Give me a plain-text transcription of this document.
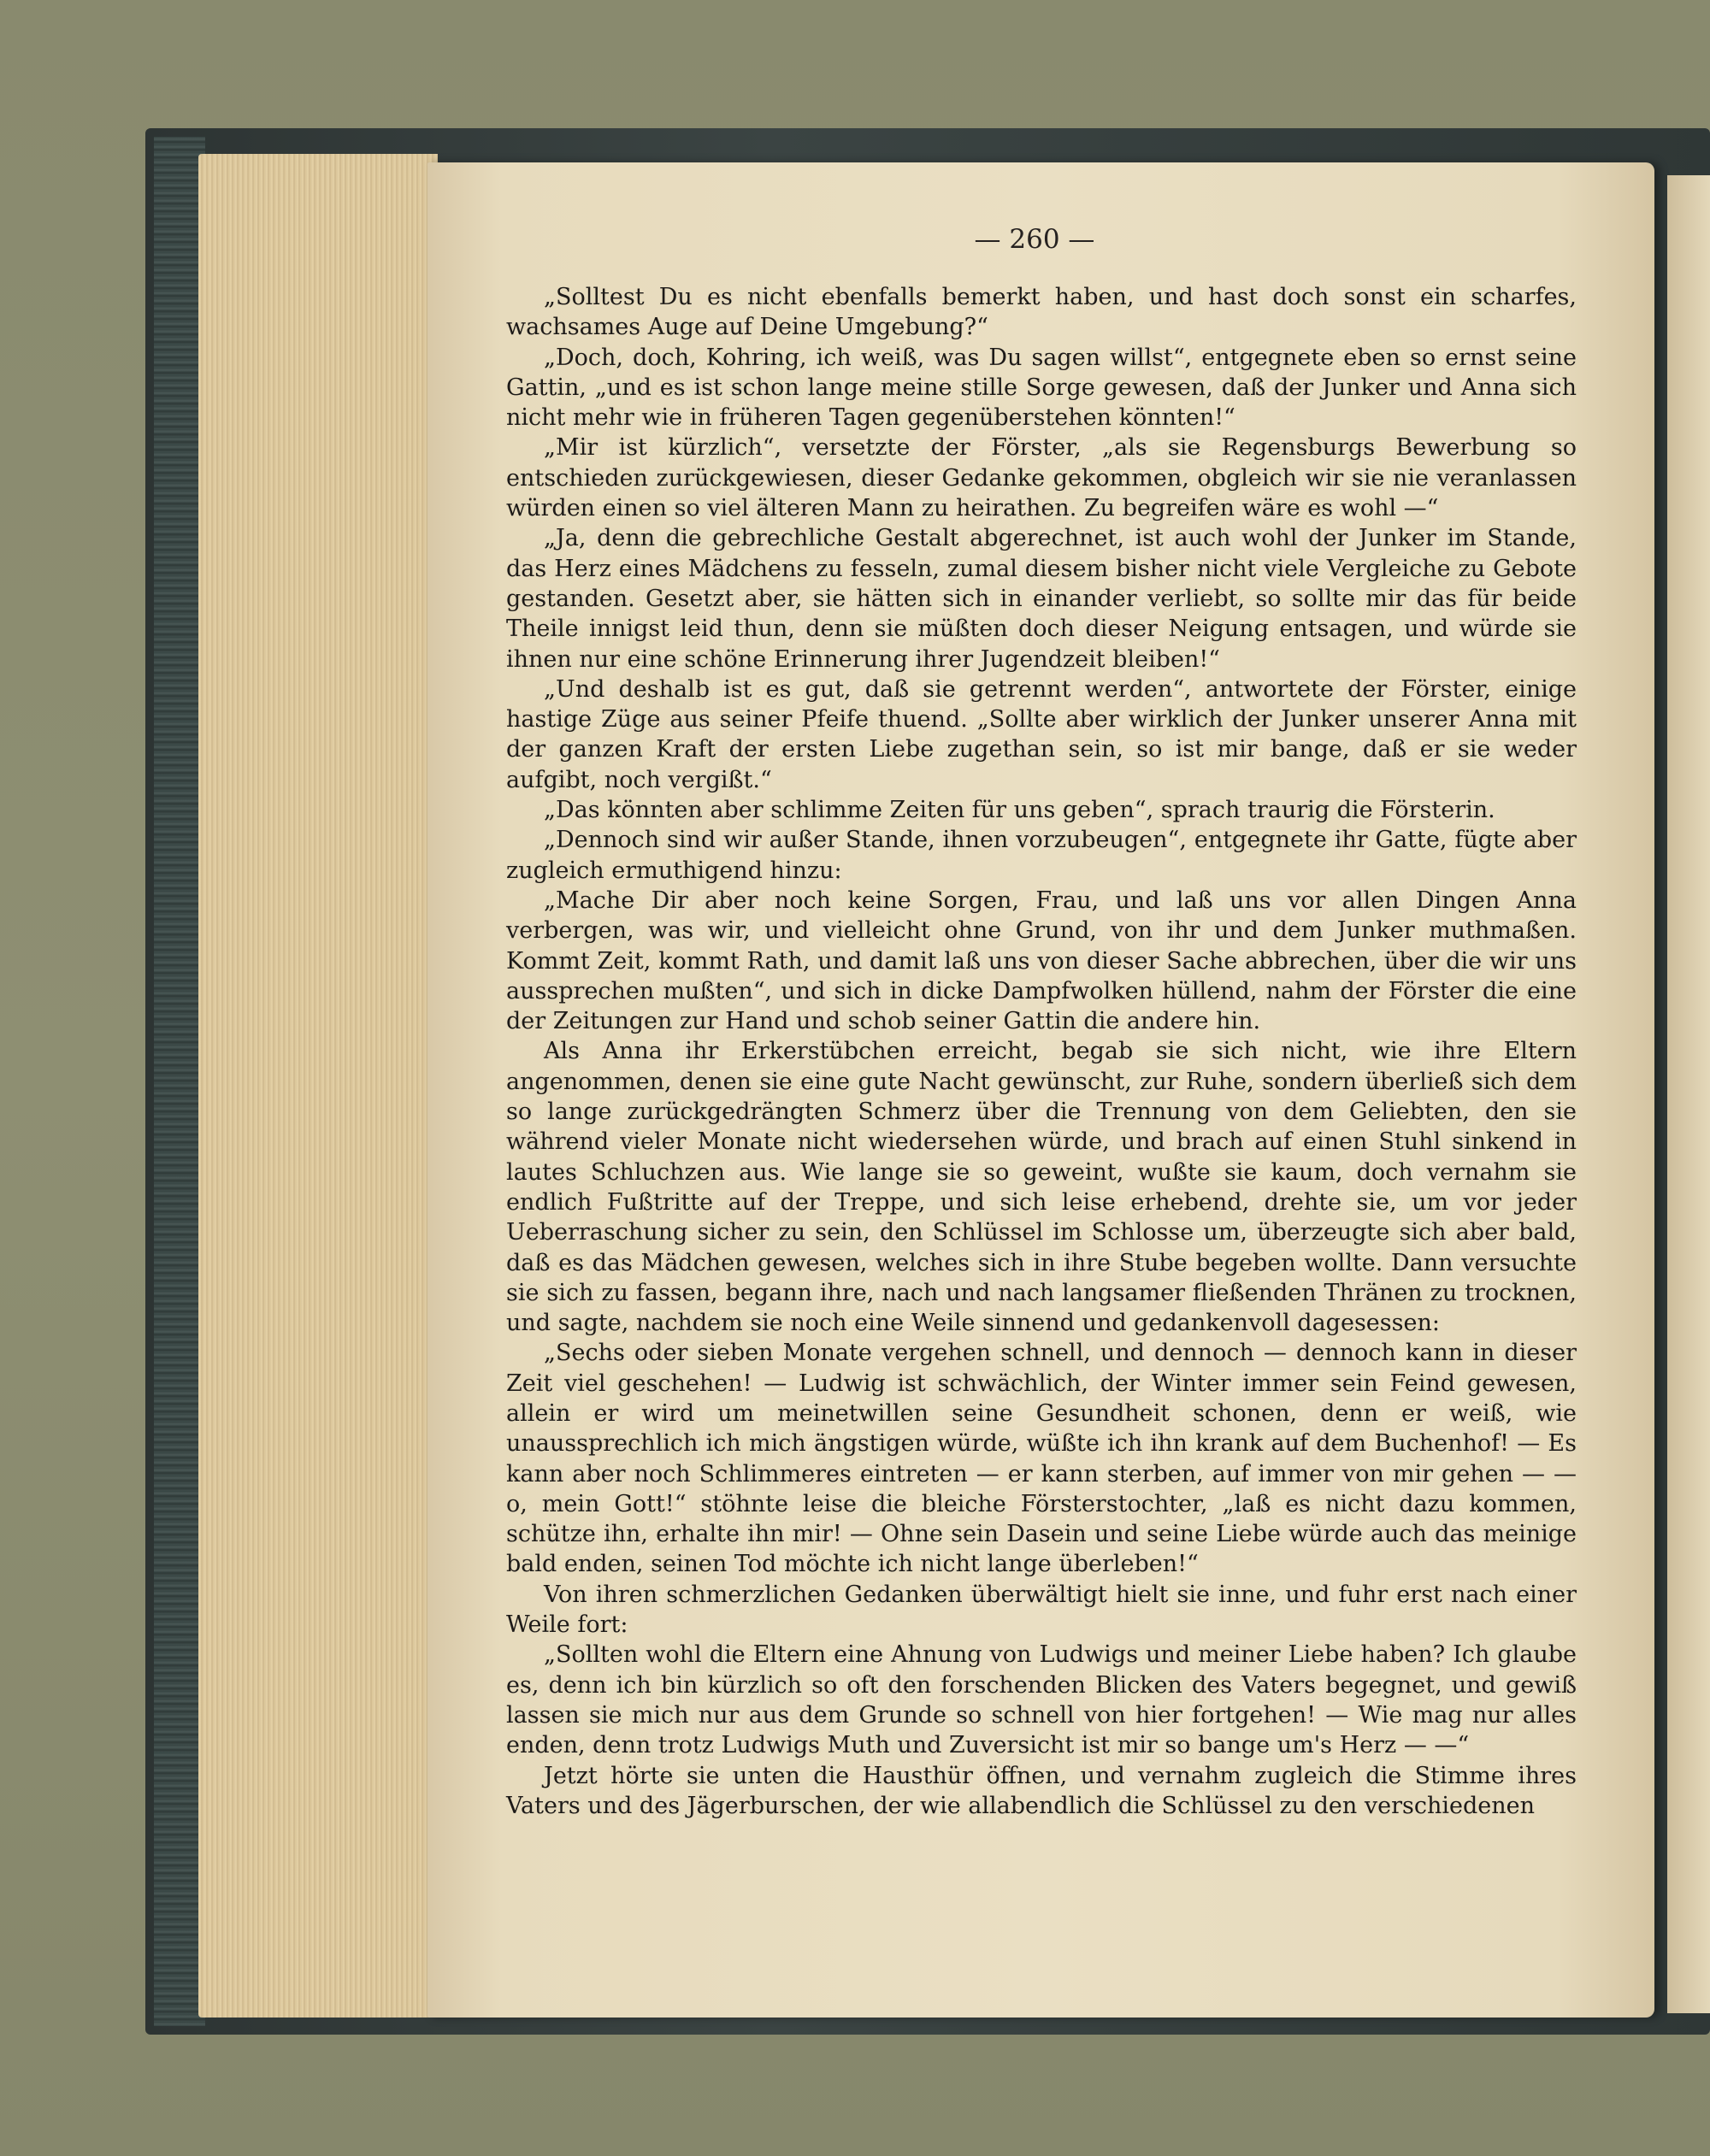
— 260 —

„Solltest Du es nicht ebenfalls bemerkt haben, und hast doch sonst ein scharfes, wachsames Auge auf Deine Umgebung?“

„Doch, doch, Kohring, ich weiß, was Du sagen willst“, entgegnete eben so ernst seine Gattin, „und es ist schon lange meine stille Sorge gewesen, daß der Junker und Anna sich nicht mehr wie in früheren Tagen gegenüberstehen könnten!“

„Mir ist kürzlich“, versetzte der Förster, „als sie Regensburgs Bewerbung so entschieden zurückgewiesen, dieser Gedanke gekommen, obgleich wir sie nie veranlassen würden einen so viel älteren Mann zu heirathen. Zu begreifen wäre es wohl —“

„Ja, denn die gebrechliche Gestalt abgerechnet, ist auch wohl der Junker im Stande, das Herz eines Mädchens zu fesseln, zumal diesem bisher nicht viele Vergleiche zu Gebote gestanden. Gesetzt aber, sie hätten sich in einander verliebt, so sollte mir das für beide Theile innigst leid thun, denn sie müßten doch dieser Neigung entsagen, und würde sie ihnen nur eine schöne Erinnerung ihrer Jugendzeit bleiben!“

„Und deshalb ist es gut, daß sie getrennt werden“, antwortete der Förster, einige hastige Züge aus seiner Pfeife thuend. „Sollte aber wirklich der Junker unserer Anna mit der ganzen Kraft der ersten Liebe zugethan sein, so ist mir bange, daß er sie weder aufgibt, noch vergißt.“

„Das könnten aber schlimme Zeiten für uns geben“, sprach traurig die Försterin.

„Dennoch sind wir außer Stande, ihnen vorzubeugen“, entgegnete ihr Gatte, fügte aber zugleich ermuthigend hinzu:

„Mache Dir aber noch keine Sorgen, Frau, und laß uns vor allen Dingen Anna verbergen, was wir, und vielleicht ohne Grund, von ihr und dem Junker muthmaßen. Kommt Zeit, kommt Rath, und damit laß uns von dieser Sache abbrechen, über die wir uns aussprechen mußten“, und sich in dicke Dampfwolken hüllend, nahm der Förster die eine der Zeitungen zur Hand und schob seiner Gattin die andere hin.

Als Anna ihr Erkerstübchen erreicht, begab sie sich nicht, wie ihre Eltern angenommen, denen sie eine gute Nacht gewünscht, zur Ruhe, sondern überließ sich dem so lange zurückgedrängten Schmerz über die Trennung von dem Geliebten, den sie während vieler Monate nicht wiedersehen würde, und brach auf einen Stuhl sinkend in lautes Schluchzen aus. Wie lange sie so geweint, wußte sie kaum, doch vernahm sie endlich Fußtritte auf der Treppe, und sich leise erhebend, drehte sie, um vor jeder Ueberraschung sicher zu sein, den Schlüssel im Schlosse um, überzeugte sich aber bald, daß es das Mädchen gewesen, welches sich in ihre Stube begeben wollte. Dann versuchte sie sich zu fassen, begann ihre, nach und nach langsamer fließenden Thränen zu trocknen, und sagte, nachdem sie noch eine Weile sinnend und gedankenvoll dagesessen:

„Sechs oder sieben Monate vergehen schnell, und dennoch — dennoch kann in dieser Zeit viel geschehen! — Ludwig ist schwächlich, der Winter immer sein Feind gewesen, allein er wird um meinetwillen seine Gesundheit schonen, denn er weiß, wie unaussprechlich ich mich ängstigen würde, wüßte ich ihn krank auf dem Buchenhof! — Es kann aber noch Schlimmeres eintreten — er kann sterben, auf immer von mir gehen — — o, mein Gott!“ stöhnte leise die bleiche Försterstochter, „laß es nicht dazu kommen, schütze ihn, erhalte ihn mir! — Ohne sein Dasein und seine Liebe würde auch das meinige bald enden, seinen Tod möchte ich nicht lange überleben!“

Von ihren schmerzlichen Gedanken überwältigt hielt sie inne, und fuhr erst nach einer Weile fort:

„Sollten wohl die Eltern eine Ahnung von Ludwigs und meiner Liebe haben? Ich glaube es, denn ich bin kürzlich so oft den forschenden Blicken des Vaters begegnet, und gewiß lassen sie mich nur aus dem Grunde so schnell von hier fortgehen! — Wie mag nur alles enden, denn trotz Ludwigs Muth und Zuversicht ist mir so bange um's Herz — —“

Jetzt hörte sie unten die Hausthür öffnen, und vernahm zugleich die Stimme ihres Vaters und des Jägerburschen, der wie allabendlich die Schlüssel zu den verschiedenen
